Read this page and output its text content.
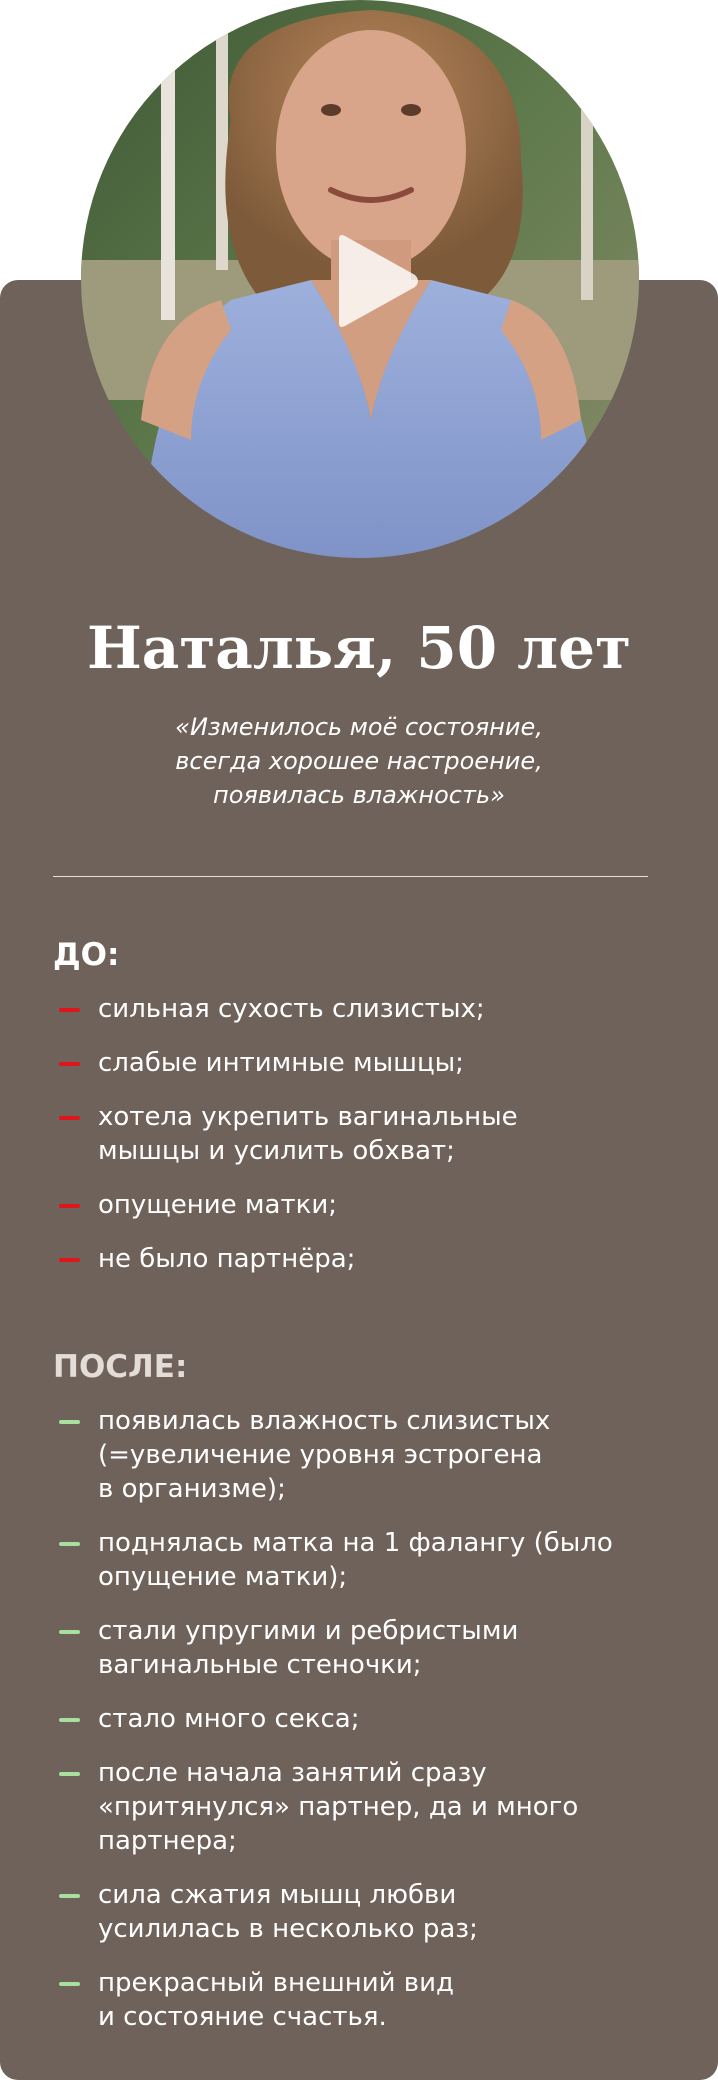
Наталья, 50 лет
«Изменилось моё состояние,
всегда хорошее настроение,
появилась влажность»
ДО:
сильная сухость слизистых;
слабые интимные мышцы;
хотела укрепить вагинальные
мышцы и усилить обхват;
опущение матки;
не было партнёра;
ПОСЛЕ:
появилась влажность слизистых
(=увеличение уровня эстрогена
в организме);
поднялась матка на 1 фалангу (было
опущение матки);
стали упругими и ребристыми
вагинальные стеночки;
стало много секса;
после начала занятий сразу
«притянулся» партнер, да и много
партнера;
сила сжатия мышц любви
усилилась в несколько раз;
прекрасный внешний вид
и состояние счастья.
